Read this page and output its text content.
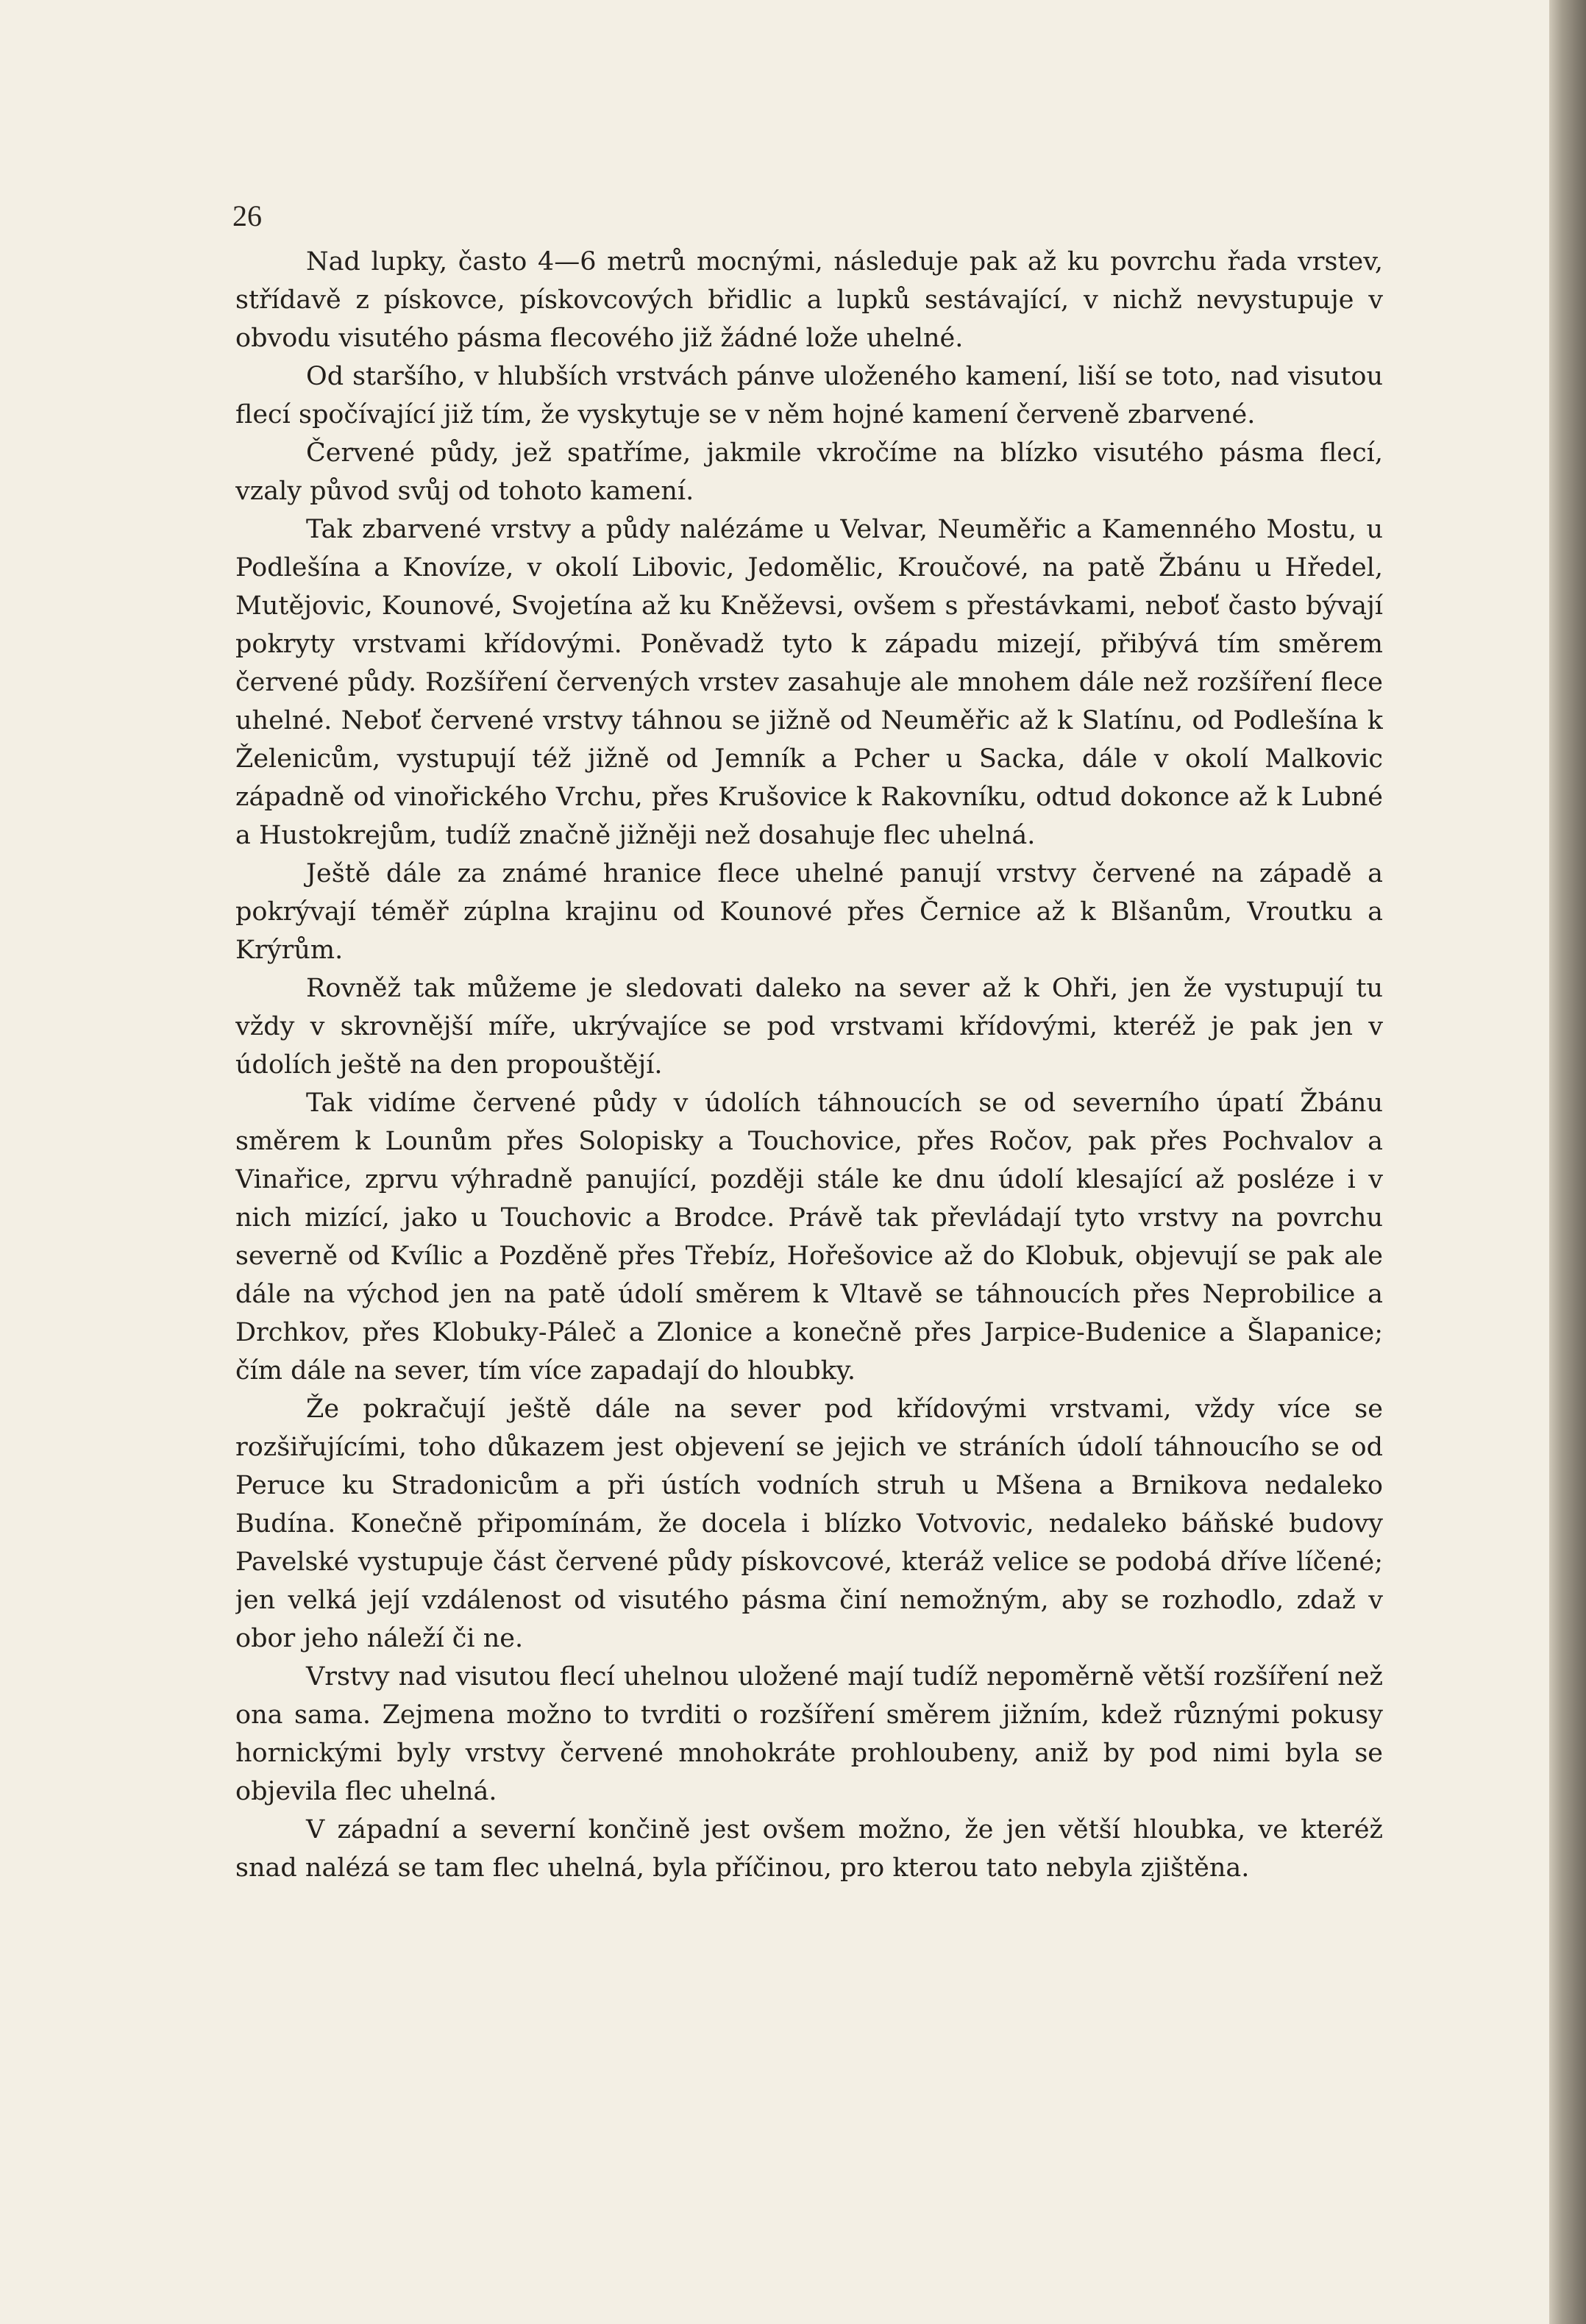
26

Nad lupky, často 4—6 metrů mocnými, následuje pak až ku povrchu řada vrstev, střídavě z pískovce, pískovcových břidlic a lupků sestávající, v nichž nevystupuje v obvodu visutého pásma flecového již žádné lože uhelné.

Od staršího, v hlubších vrstvách pánve uloženého kamení, liší se toto, nad visutou flecí spočívající již tím, že vyskytuje se v něm hojné kamení červeně zbarvené.

Červené půdy, jež spatříme, jakmile vkročíme na blízko visutého pásma flecí, vzaly původ svůj od tohoto kamení.

Tak zbarvené vrstvy a půdy nalézáme u Velvar, Neuměřic a Kamenného Mostu, u Podlešína a Knovíze, v okolí Libovic, Jedomělic, Kroučové, na patě Žbánu u Hředel, Mutějovic, Kounové, Svojetína až ku Kněževsi, ovšem s přestávkami, neboť často bývají pokryty vrstvami křídovými. Poněvadž tyto k západu mizejí, přibývá tím směrem červené půdy. Rozšíření červených vrstev zasahuje ale mnohem dále než rozšíření flece uhelné. Neboť červené vrstvy táhnou se jižně od Neuměřic až k Slatínu, od Podlešína k Želenicům, vystupují též jižně od Jemník a Pcher u Sacka, dále v okolí Malkovic západně od vinořického Vrchu, přes Krušovice k Rakovníku, odtud dokonce až k Lubné a Hustokrejům, tudíž značně jižněji než dosahuje flec uhelná.

Ještě dále za známé hranice flece uhelné panují vrstvy červené na západě a pokrývají téměř zúplna krajinu od Kounové přes Černice až k Blšanům, Vroutku a Krýrům.

Rovněž tak můžeme je sledovati daleko na sever až k Ohři, jen že vystupují tu vždy v skrovnější míře, ukrývajíce se pod vrstvami křídovými, kteréž je pak jen v údolích ještě na den propouštějí.

Tak vidíme červené půdy v údolích táhnoucích se od severního úpatí Žbánu směrem k Lounům přes Solopisky a Touchovice, přes Ročov, pak přes Pochvalov a Vinařice, zprvu výhradně panující, později stále ke dnu údolí klesající až posléze i v nich mizící, jako u Touchovic a Brodce. Právě tak převládají tyto vrstvy na povrchu severně od Kvílic a Pozděně přes Třebíz, Hořešovice až do Klobuk, objevují se pak ale dále na východ jen na patě údolí směrem k Vltavě se táhnoucích přes Neprobilice a Drchkov, přes Klobuky-Páleč a Zlonice a konečně přes Jarpice-Budenice a Šlapanice; čím dále na sever, tím více zapadají do hloubky.

Že pokračují ještě dále na sever pod křídovými vrstvami, vždy více se rozšiřujícími, toho důkazem jest objevení se jejich ve stráních údolí táhnoucího se od Peruce ku Stradonicům a při ústích vodních struh u Mšena a Brnikova nedaleko Budína. Konečně připomínám, že docela i blízko Votvovic, nedaleko báňské budovy Pavelské vystupuje část červené půdy pískovcové, kteráž velice se podobá dříve líčené; jen velká její vzdálenost od visutého pásma činí nemožným, aby se rozhodlo, zdaž v obor jeho náleží či ne.

Vrstvy nad visutou flecí uhelnou uložené mají tudíž nepoměrně větší rozšíření než ona sama. Zejmena možno to tvrditi o rozšíření směrem jižním, kdež různými pokusy hornickými byly vrstvy červené mnohokráte prohloubeny, aniž by pod nimi byla se objevila flec uhelná.

V západní a severní končině jest ovšem možno, že jen větší hloubka, ve kteréž snad nalézá se tam flec uhelná, byla příčinou, pro kterou tato nebyla zjištěna.
